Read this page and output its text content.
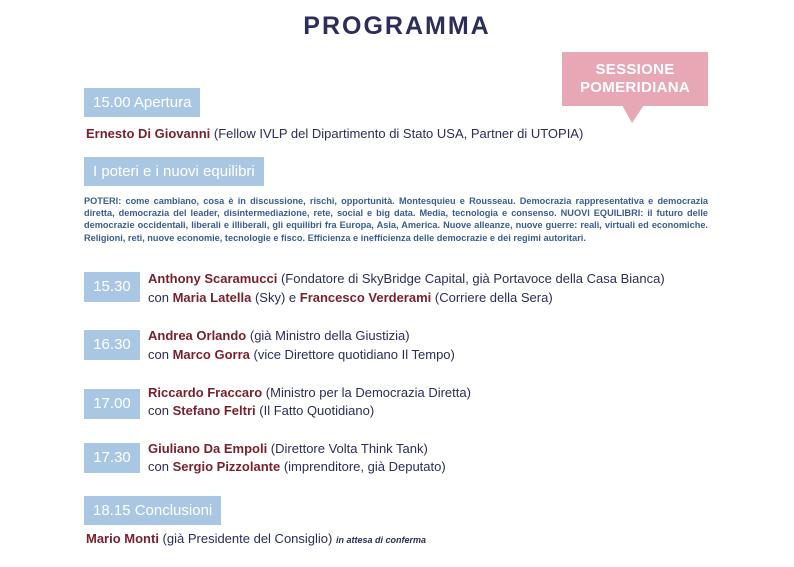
PROGRAMMA
SESSIONE POMERIDIANA
15.00 Apertura
Ernesto Di Giovanni (Fellow IVLP del Dipartimento di Stato USA, Partner di UTOPIA)
I poteri e i nuovi equilibri
POTERI: come cambiano, cosa è in discussione, rischi, opportunità. Montesquieu e Rousseau. Democrazia rappresentativa e democrazia diretta, democrazia del leader, disintermediazione, rete, social e big data. Media, tecnologia e consenso. NUOVI EQUILIBRI: il futuro delle democrazie occidentali, liberali e illiberali, gli equilibri fra Europa, Asia, America. Nuove alleanze, nuove guerre: reali, virtuali ed economiche. Religioni, reti, nuove economie, tecnologie e fisco. Efficienza e inefficienza delle democrazie e dei regimi autoritari.
15.30	Anthony Scaramucci (Fondatore di SkyBridge Capital, già Portavoce della Casa Bianca)
con Maria Latella (Sky) e Francesco Verderami (Corriere della Sera)
16.30
Andrea Orlando (già Ministro della Giustizia)
con Marco Gorra (vice Direttore quotidiano Il Tempo)
17.00
Riccardo Fraccaro (Ministro per la Democrazia Diretta)
con Stefano Feltri (Il Fatto Quotidiano)
17.30
Giuliano Da Empoli (Direttore Volta Think Tank)
con Sergio Pizzolante (imprenditore, già Deputato)
18.15 Conclusioni
Mario Monti (già Presidente del Consiglio) in attesa di conferma
